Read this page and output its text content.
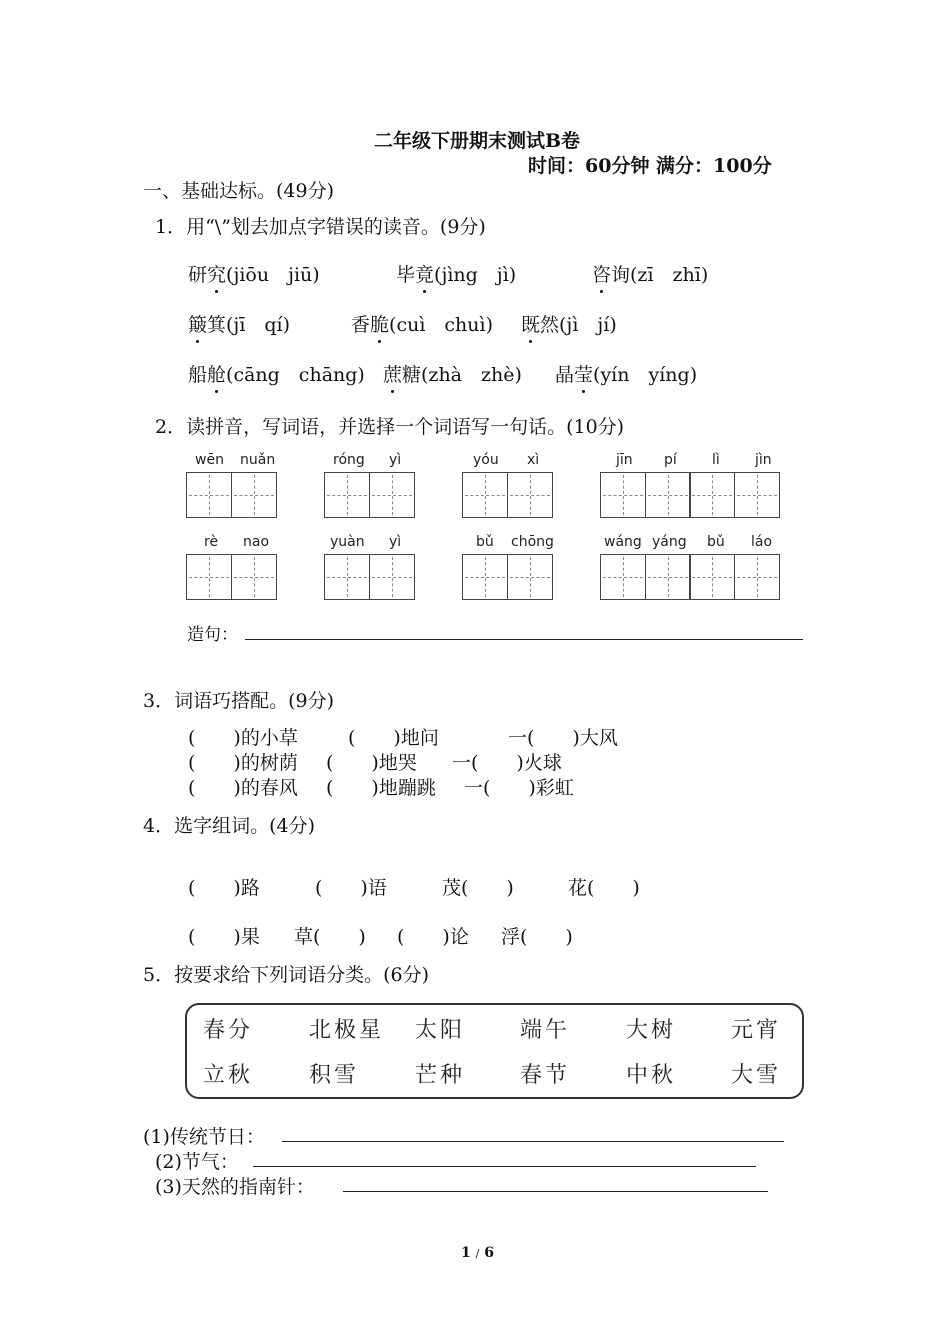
二年级下册期末测试B卷
时间：60分钟 满分：100分
一、基础达标。(49分)
1．用“\”划去加点字错误的读音。(9分)
研究(jiōu　jiū)	毕竟(jìng　jì)	咨询(zī　zhī)
簸箕(jī　qí)	香脆(cuì　chuì) 既然(jì　jí)
船舱(cāng　chāng) 蔗糖(zhà　zhè) 晶莹(yín　yíng)
2．读拼音，写词语，并选择一个词语写一句话。(10分)
wēn nuǎn	róng yì	yóu xì	jīn pí	lì	jìn
rè nao	yuàn yì	bǔ chōng	wáng yáng bǔ láo
造句：
3．词语巧搭配。(9分)
(　　)的小草	(　　)地问	一(　　)大风
(　　)的树荫 (　　)地哭 一(　　)火球
(　　)的春风 (　　)地蹦跳 一(　　)彩虹
4．选字组词。(4分)
(　　)路	(　　)语	茂(　　)	花(　　)
(　　)果 草(　　) (　　)论 浮(　　)
5．按要求给下列词语分类。(6分)
春分	北极星 太阳 端午	大树 元宵
立秋	积雪	芒种 春节	中秋 大雪
(1)传统节日：
(2)节气：
(3)天然的指南针：
1 / 6
